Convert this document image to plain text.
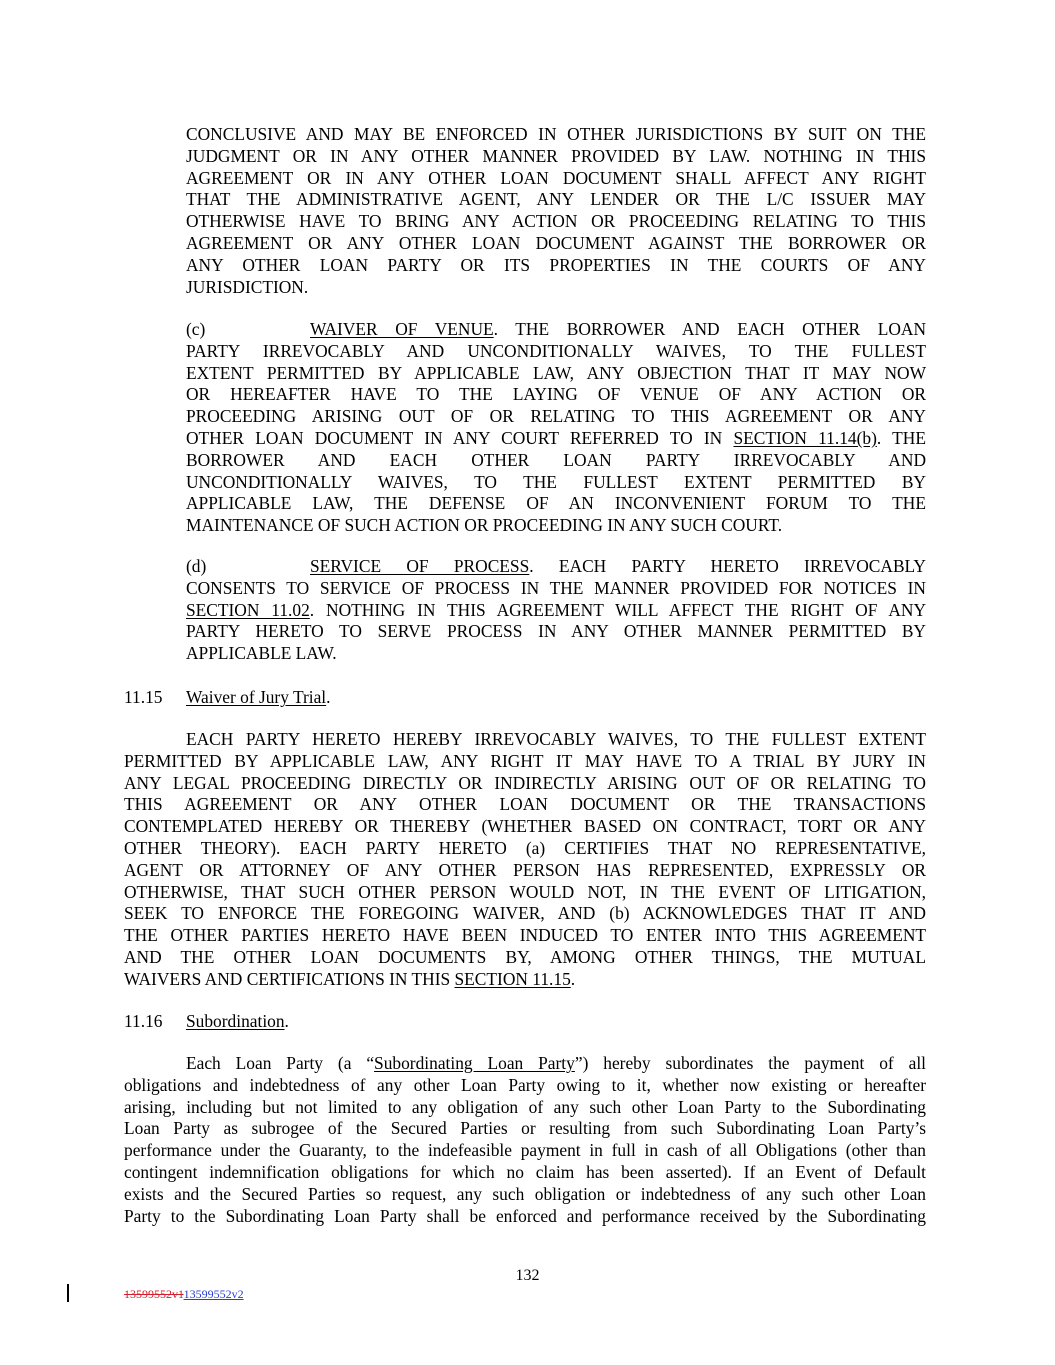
CONCLUSIVE AND MAY BE ENFORCED IN OTHER JURISDICTIONS BY SUIT ON THE
JUDGMENT OR IN ANY OTHER MANNER PROVIDED BY LAW. NOTHING IN THIS
AGREEMENT OR IN ANY OTHER LOAN DOCUMENT SHALL AFFECT ANY RIGHT
THAT THE ADMINISTRATIVE AGENT, ANY LENDER OR THE L/C ISSUER MAY
OTHERWISE HAVE TO BRING ANY ACTION OR PROCEEDING RELATING TO THIS
AGREEMENT OR ANY OTHER LOAN DOCUMENT AGAINST THE BORROWER OR
ANY OTHER LOAN PARTY OR ITS PROPERTIES IN THE COURTS OF ANY
JURISDICTION.
(c)	WAIVER OF VENUE. THE BORROWER AND EACH OTHER LOAN
PARTY IRREVOCABLY AND UNCONDITIONALLY WAIVES, TO THE FULLEST
EXTENT PERMITTED BY APPLICABLE LAW, ANY OBJECTION THAT IT MAY NOW
OR HEREAFTER HAVE TO THE LAYING OF VENUE OF ANY ACTION OR
PROCEEDING ARISING OUT OF OR RELATING TO THIS AGREEMENT OR ANY
OTHER LOAN DOCUMENT IN ANY COURT REFERRED TO IN SECTION 11.14(b). THE
BORROWER AND EACH OTHER LOAN PARTY IRREVOCABLY AND
UNCONDITIONALLY WAIVES, TO THE FULLEST EXTENT PERMITTED BY
APPLICABLE LAW, THE DEFENSE OF AN INCONVENIENT FORUM TO THE
MAINTENANCE OF SUCH ACTION OR PROCEEDING IN ANY SUCH COURT.
(d)	SERVICE OF PROCESS. EACH PARTY HERETO IRREVOCABLY
CONSENTS TO SERVICE OF PROCESS IN THE MANNER PROVIDED FOR NOTICES IN
SECTION 11.02. NOTHING IN THIS AGREEMENT WILL AFFECT THE RIGHT OF ANY
PARTY HERETO TO SERVE PROCESS IN ANY OTHER MANNER PERMITTED BY
APPLICABLE LAW.
11.15 Waiver of Jury Trial.
EACH PARTY HERETO HEREBY IRREVOCABLY WAIVES, TO THE FULLEST EXTENT
PERMITTED BY APPLICABLE LAW, ANY RIGHT IT MAY HAVE TO A TRIAL BY JURY IN
ANY LEGAL PROCEEDING DIRECTLY OR INDIRECTLY ARISING OUT OF OR RELATING TO
THIS AGREEMENT OR ANY OTHER LOAN DOCUMENT OR THE TRANSACTIONS
CONTEMPLATED HEREBY OR THEREBY (WHETHER BASED ON CONTRACT, TORT OR ANY
OTHER THEORY). EACH PARTY HERETO (a) CERTIFIES THAT NO REPRESENTATIVE,
AGENT OR ATTORNEY OF ANY OTHER PERSON HAS REPRESENTED, EXPRESSLY OR
OTHERWISE, THAT SUCH OTHER PERSON WOULD NOT, IN THE EVENT OF LITIGATION,
SEEK TO ENFORCE THE FOREGOING WAIVER, AND (b) ACKNOWLEDGES THAT IT AND
THE OTHER PARTIES HERETO HAVE BEEN INDUCED TO ENTER INTO THIS AGREEMENT
AND THE OTHER LOAN DOCUMENTS BY, AMONG OTHER THINGS, THE MUTUAL
WAIVERS AND CERTIFICATIONS IN THIS SECTION 11.15.
11.16 Subordination.
Each Loan Party (a “Subordinating Loan Party”) hereby subordinates the payment of all
obligations and indebtedness of any other Loan Party owing to it, whether now existing or hereafter
arising, including but not limited to any obligation of any such other Loan Party to the Subordinating
Loan Party as subrogee of the Secured Parties or resulting from such Subordinating Loan Party’s
performance under the Guaranty, to the indefeasible payment in full in cash of all Obligations (other than
contingent indemnification obligations for which no claim has been asserted). If an Event of Default
exists and the Secured Parties so request, any such obligation or indebtedness of any such other Loan
Party to the Subordinating Loan Party shall be enforced and performance received by the Subordinating
132
13599552v113599552v2
